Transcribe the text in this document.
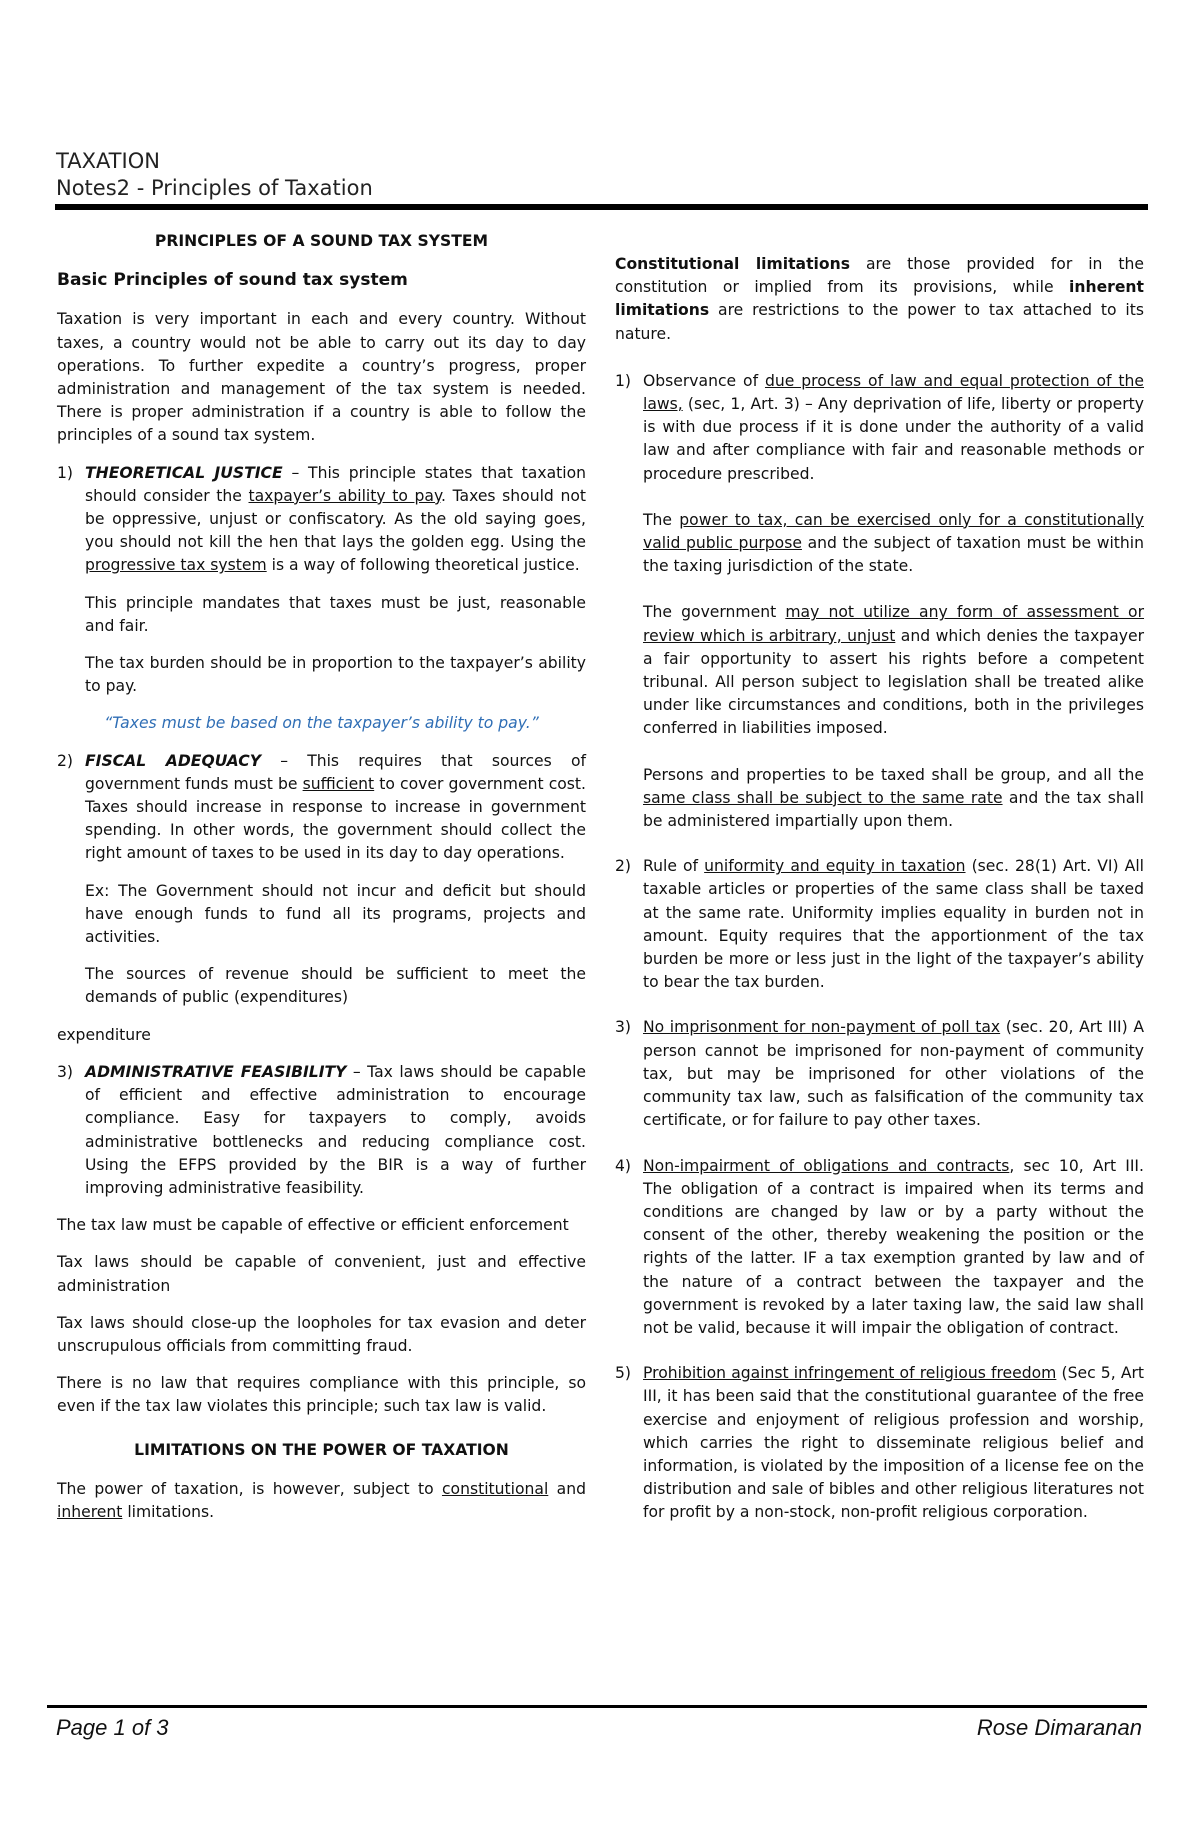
TAXATION
Notes2 - Principles of Taxation

PRINCIPLES OF A SOUND TAX SYSTEM

Basic Principles of sound tax system

Taxation is very important in each and every country. Without taxes, a country would not be able to carry out its day to day operations. To further expedite a country’s progress, proper administration and management of the tax system is needed. There is proper administration if a country is able to follow the principles of a sound tax system.

1) THEORETICAL JUSTICE – This principle states that taxation should consider the taxpayer’s ability to pay. Taxes should not be oppressive, unjust or confiscatory. As the old saying goes, you should not kill the hen that lays the golden egg. Using the progressive tax system is a way of following theoretical justice.

This principle mandates that taxes must be just, reasonable and fair.

The tax burden should be in proportion to the taxpayer’s ability to pay.

“Taxes must be based on the taxpayer’s ability to pay.”

2) FISCAL ADEQUACY – This requires that sources of government funds must be sufficient to cover government cost. Taxes should increase in response to increase in government spending. In other words, the government should collect the right amount of taxes to be used in its day to day operations.

Ex: The Government should not incur and deficit but should have enough funds to fund all its programs, projects and activities.

The sources of revenue should be sufficient to meet the demands of public (expenditures)

expenditure

3) ADMINISTRATIVE FEASIBILITY – Tax laws should be capable of efficient and effective administration to encourage compliance. Easy for taxpayers to comply, avoids administrative bottlenecks and reducing compliance cost. Using the EFPS provided by the BIR is a way of further improving administrative feasibility.

The tax law must be capable of effective or efficient enforcement

Tax laws should be capable of convenient, just and effective administration

Tax laws should close-up the loopholes for tax evasion and deter unscrupulous officials from committing fraud.

There is no law that requires compliance with this principle, so even if the tax law violates this principle; such tax law is valid.

LIMITATIONS ON THE POWER OF TAXATION

The power of taxation, is however, subject to constitutional and inherent limitations.

Constitutional limitations are those provided for in the constitution or implied from its provisions, while inherent limitations are restrictions to the power to tax attached to its nature.

1) Observance of due process of law and equal protection of the laws, (sec, 1, Art. 3) – Any deprivation of life, liberty or property is with due process if it is done under the authority of a valid law and after compliance with fair and reasonable methods or procedure prescribed.

The power to tax, can be exercised only for a constitutionally valid public purpose and the subject of taxation must be within the taxing jurisdiction of the state.

The government may not utilize any form of assessment or review which is arbitrary, unjust and which denies the taxpayer a fair opportunity to assert his rights before a competent tribunal. All person subject to legislation shall be treated alike under like circumstances and conditions, both in the privileges conferred in liabilities imposed.

Persons and properties to be taxed shall be group, and all the same class shall be subject to the same rate and the tax shall be administered impartially upon them.

2) Rule of uniformity and equity in taxation (sec. 28(1) Art. VI) All taxable articles or properties of the same class shall be taxed at the same rate. Uniformity implies equality in burden not in amount. Equity requires that the apportionment of the tax burden be more or less just in the light of the taxpayer’s ability to bear the tax burden.

3) No imprisonment for non-payment of poll tax (sec. 20, Art III) A person cannot be imprisoned for non-payment of community tax, but may be imprisoned for other violations of the community tax law, such as falsification of the community tax certificate, or for failure to pay other taxes.

4) Non-impairment of obligations and contracts, sec 10, Art III. The obligation of a contract is impaired when its terms and conditions are changed by law or by a party without the consent of the other, thereby weakening the position or the rights of the latter. IF a tax exemption granted by law and of the nature of a contract between the taxpayer and the government is revoked by a later taxing law, the said law shall not be valid, because it will impair the obligation of contract.

5) Prohibition against infringement of religious freedom (Sec 5, Art III, it has been said that the constitutional guarantee of the free exercise and enjoyment of religious profession and worship, which carries the right to disseminate religious belief and information, is violated by the imposition of a license fee on the distribution and sale of bibles and other religious literatures not for profit by a non-stock, non-profit religious corporation.

Page 1 of 3	Rose Dimaranan
